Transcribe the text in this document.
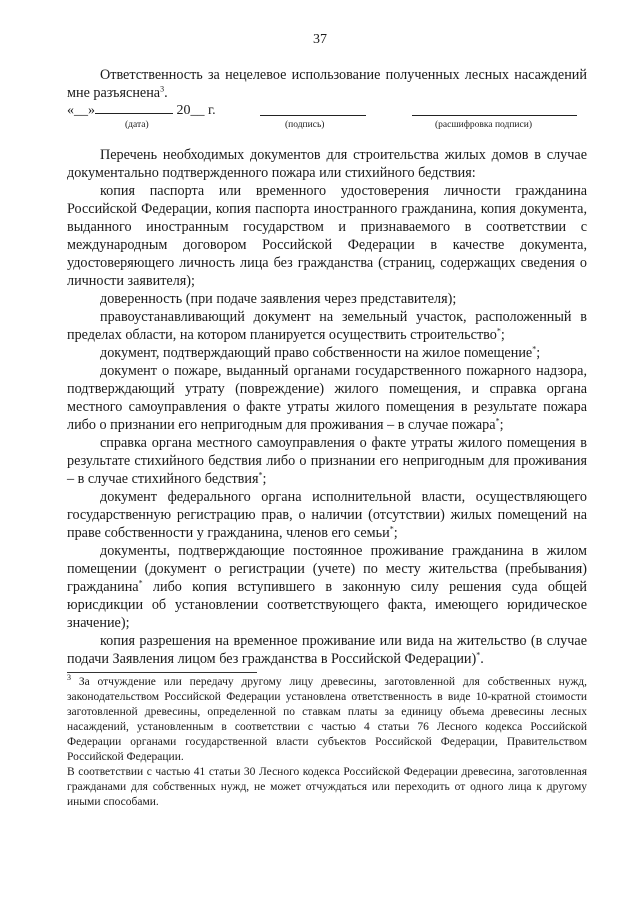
37

Ответственность за нецелевое использование полученных лесных насаждений мне разъяснена$^3$.

«__»	20__ г.
(дата)	(подпись)	(расшифровка подписи)

Перечень необходимых документов для строительства жилых домов в случае документально подтвержденного пожара или стихийного бедствия:

копия паспорта или временного удостоверения личности гражданина Российской Федерации, копия паспорта иностранного гражданина, копия документа, выданного иностранным государством и признаваемого в соответствии с международным договором Российской Федерации в качестве документа, удостоверяющего личность лица без гражданства (страниц, содержащих сведения о личности заявителя);

доверенность (при подаче заявления через представителя);

правоустанавливающий документ на земельный участок, расположенный в пределах области, на котором планируется осуществить строительство*;

документ, подтверждающий право собственности на жилое помещение*;

документ о пожаре, выданный органами государственного пожарного надзора, подтверждающий утрату (повреждение) жилого помещения, и справка органа местного самоуправления о факте утраты жилого помещения в результате пожара либо о признании его непригодным для проживания – в случае пожара*;

справка органа местного самоуправления о факте утраты жилого помещения в результате стихийного бедствия либо о признании его непригодным для проживания – в случае стихийного бедствия*;

документ федерального органа исполнительной власти, осуществляющего государственную регистрацию прав, о наличии (отсутствии) жилых помещений на праве собственности у гражданина, членов его семьи*;

документы, подтверждающие постоянное проживание гражданина в жилом помещении (документ о регистрации (учете) по месту жительства (пребывания) гражданина* либо копия вступившего в законную силу решения суда общей юрисдикции об установлении соответствующего факта, имеющего юридическое значение);

копия разрешения на временное проживание или вида на жительство (в случае подачи Заявления лицом без гражданства в Российской Федерации)*.

$^3$ За отчуждение или передачу другому лицу древесины, заготовленной для собственных нужд, законодательством Российской Федерации установлена ответственность в виде 10-кратной стоимости заготовленной древесины, определенной по ставкам платы за единицу объема древесины лесных насаждений, установленным в соответствии с частью 4 статьи 76 Лесного кодекса Российской Федерации органами государственной власти субъектов Российской Федерации, Правительством Российской Федерации.

В соответствии с частью 41 статьи 30 Лесного кодекса Российской Федерации древесина, заготовленная гражданами для собственных нужд, не может отчуждаться или переходить от одного лица к другому иными способами.
